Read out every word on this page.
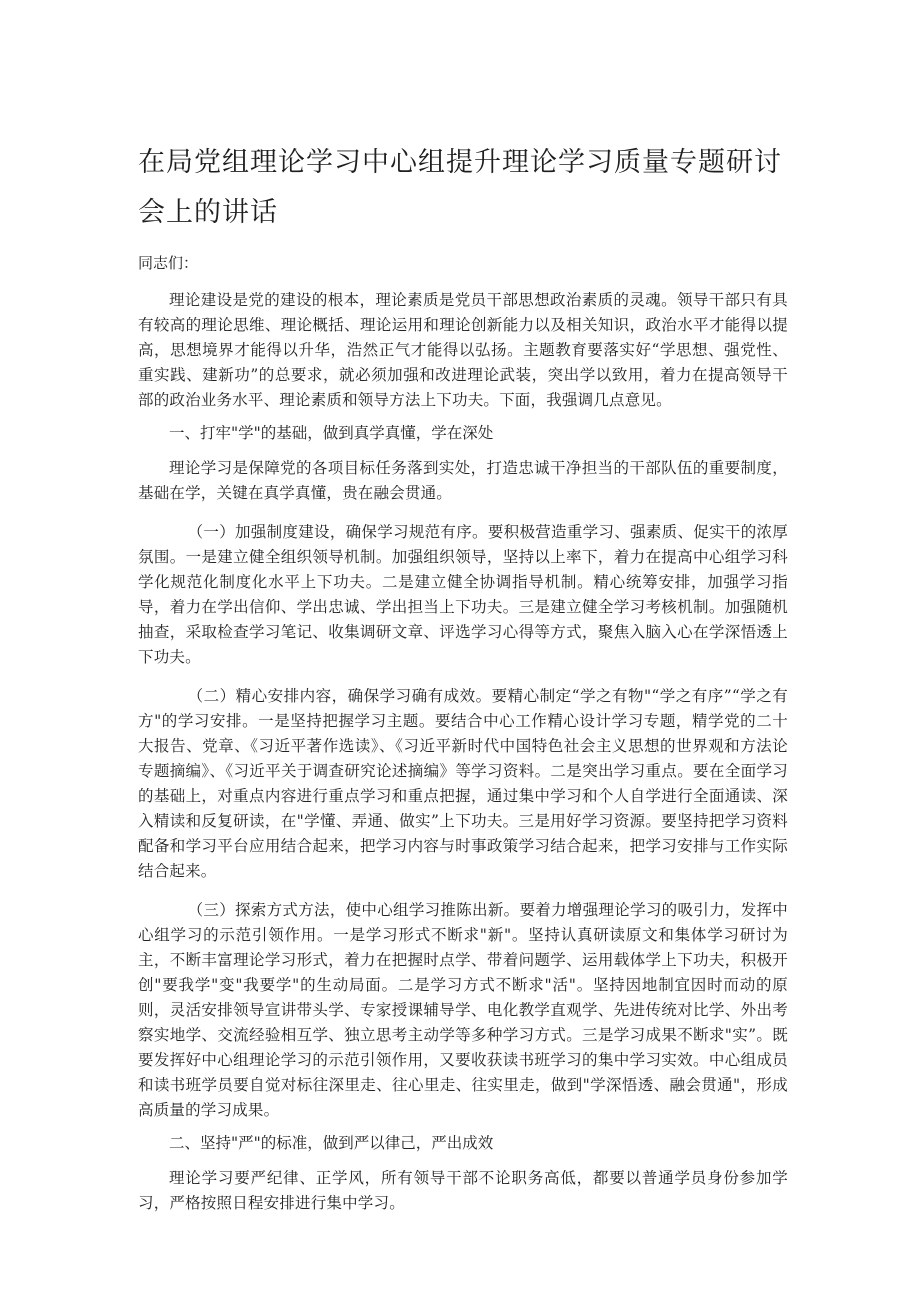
在局党组理论学习中心组提升理论学习质量专题研讨会上的讲话

同志们：

理论建设是党的建设的根本，理论素质是党员干部思想政治素质的灵魂。领导干部只有具有较高的理论思维、理论概括、理论运用和理论创新能力以及相关知识，政治水平才能得以提高，思想境界才能得以升华，浩然正气才能得以弘扬。主题教育要落实好“学思想、强党性、重实践、建新功”的总要求，就必须加强和改进理论武装，突出学以致用，着力在提高领导干部的政治业务水平、理论素质和领导方法上下功夫。下面，我强调几点意见。

一、打牢"学"的基础，做到真学真懂，学在深处

理论学习是保障党的各项目标任务落到实处，打造忠诚干净担当的干部队伍的重要制度，基础在学，关键在真学真懂，贵在融会贯通。

（一）加强制度建设，确保学习规范有序。要积极营造重学习、强素质、促实干的浓厚氛围。一是建立健全组织领导机制。加强组织领导，坚持以上率下，着力在提高中心组学习科学化规范化制度化水平上下功夫。二是建立健全协调指导机制。精心统筹安排，加强学习指导，着力在学出信仰、学出忠诚、学出担当上下功夫。三是建立健全学习考核机制。加强随机抽查，采取检查学习笔记、收集调研文章、评选学习心得等方式，聚焦入脑入心在学深悟透上下功夫。

（二）精心安排内容，确保学习确有成效。要精心制定“学之有物"“学之有序”“学之有方"的学习安排。一是坚持把握学习主题。要结合中心工作精心设计学习专题，精学党的二十大报告、党章、《习近平著作选读》、《习近平新时代中国特色社会主义思想的世界观和方法论专题摘编》、《习近平关于调查研究论述摘编》等学习资料。二是突出学习重点。要在全面学习的基础上，对重点内容进行重点学习和重点把握，通过集中学习和个人自学进行全面通读、深入精读和反复研读，在"学懂、弄通、做实”上下功夫。三是用好学习资源。要坚持把学习资料配备和学习平台应用结合起来，把学习内容与时事政策学习结合起来，把学习安排与工作实际结合起来。

（三）探索方式方法，使中心组学习推陈出新。要着力增强理论学习的吸引力，发挥中心组学习的示范引领作用。一是学习形式不断求"新"。坚持认真研读原文和集体学习研讨为主，不断丰富理论学习形式，着力在把握时点学、带着问题学、运用载体学上下功夫，积极开创"要我学"变"我要学"的生动局面。二是学习方式不断求"活"。坚持因地制宜因时而动的原则，灵活安排领导宣讲带头学、专家授课辅导学、电化教学直观学、先进传统对比学、外出考察实地学、交流经验相互学、独立思考主动学等多种学习方式。三是学习成果不断求"实”。既要发挥好中心组理论学习的示范引领作用，又要收获读书班学习的集中学习实效。中心组成员和读书班学员要自觉对标往深里走、往心里走、往实里走，做到"学深悟透、融会贯通"，形成高质量的学习成果。

二、坚持"严"的标准，做到严以律己，严出成效

理论学习要严纪律、正学风，所有领导干部不论职务高低，都要以普通学员身份参加学习，严格按照日程安排进行集中学习。
